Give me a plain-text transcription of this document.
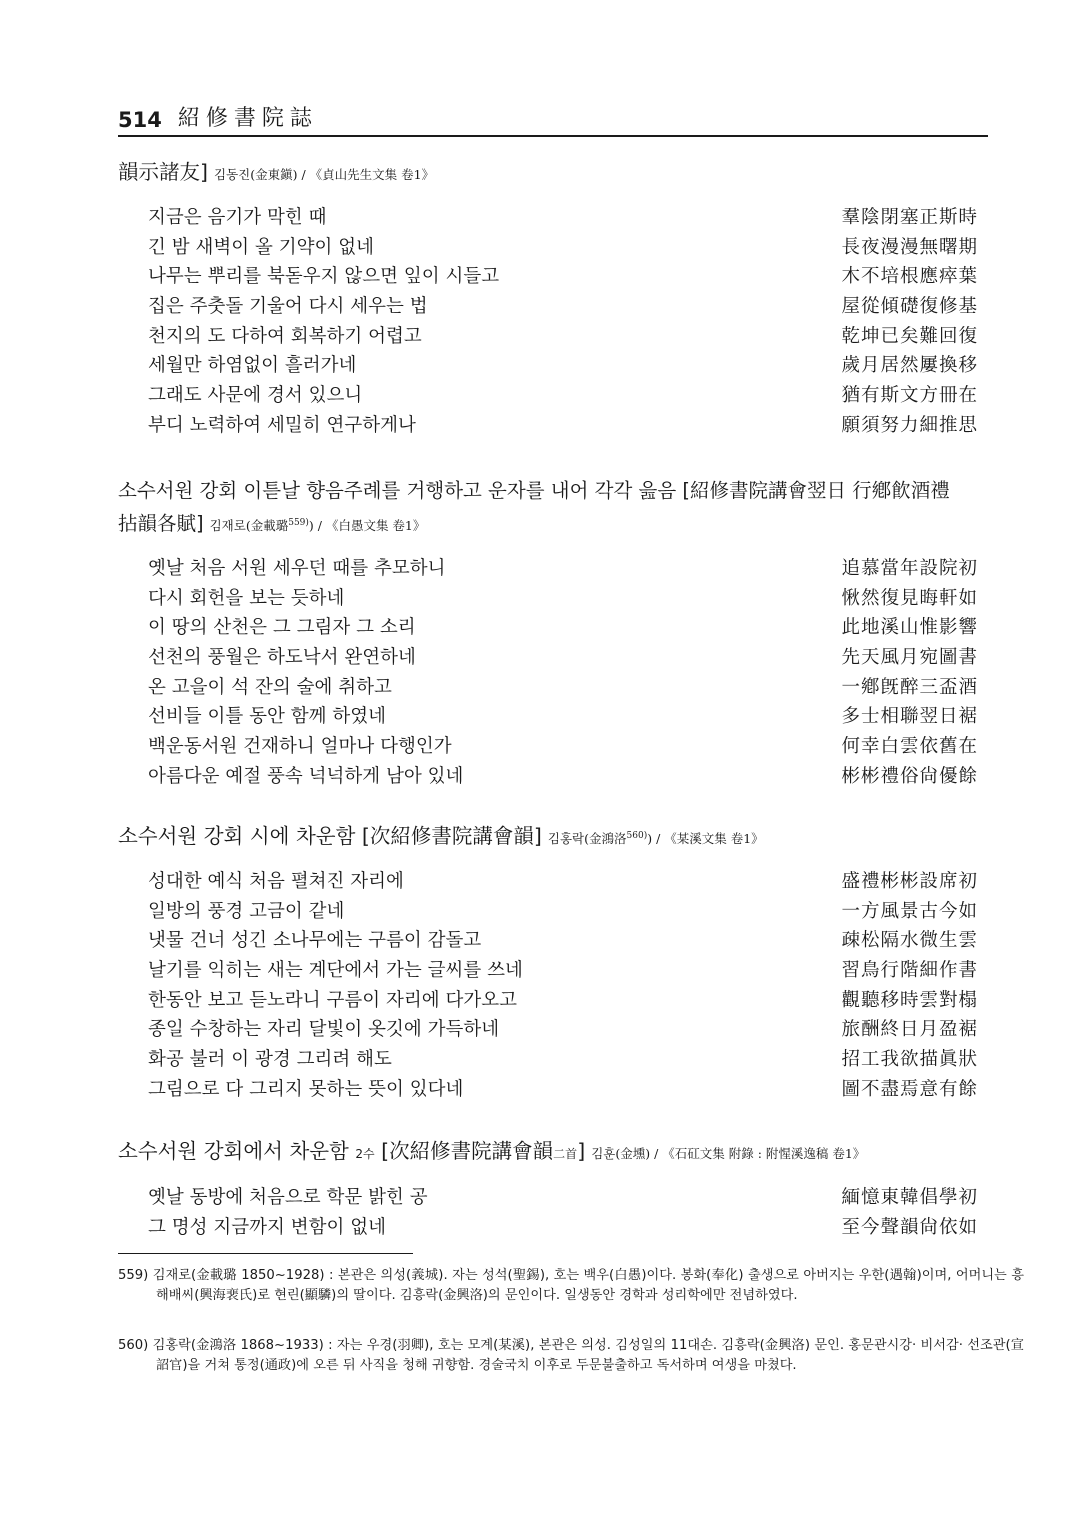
514 紹修書院誌
韻示諸友] 김동진(金東鎭) / 《貞山先生文集 卷1》
지금은 음기가 막힌 때	羣陰閉塞正斯時
긴 밤 새벽이 올 기약이 없네	長夜漫漫無曙期
나무는 뿌리를 북돋우지 않으면 잎이 시들고	木不培根應瘁葉
집은 주춧돌 기울어 다시 세우는 법	屋從傾礎復修基
천지의 도 다하여 회복하기 어렵고	乾坤已矣難回復
세월만 하염없이 흘러가네	歲月居然屢換移
그래도 사문에 경서 있으니	猶有斯文方冊在
부디 노력하여 세밀히 연구하게나	願須努力細推思
소수서원 강회 이튿날 향음주례를 거행하고 운자를 내어 각각 읊음 [紹修書院講會翌日 行鄕飮酒禮
拈韻各賦] 김재로(金載璐$^{559)}$) / 《白愚文集 卷1》
옛날 처음 서원 세우던 때를 추모하니	追慕當年設院初
다시 회헌을 보는 듯하네	愀然復見晦軒如
이 땅의 산천은 그 그림자 그 소리	此地溪山惟影響
선천의 풍월은 하도낙서 완연하네	先天風月宛圖書
온 고을이 석 잔의 술에 취하고	一鄕旣醉三盃酒
선비들 이틀 동안 함께 하였네	多士相聯翌日裾
백운동서원 건재하니 얼마나 다행인가	何幸白雲依舊在
아름다운 예절 풍속 넉넉하게 남아 있네	彬彬禮俗尙優餘
소수서원 강회 시에 차운함 [次紹修書院講會韻] 김홍락(金鴻洛$^{560)}$) / 《某溪文集 卷1》
성대한 예식 처음 펼쳐진 자리에	盛禮彬彬設席初
일방의 풍경 고금이 같네	一方風景古今如
냇물 건너 성긴 소나무에는 구름이 감돌고	疎松隔水微生雲
날기를 익히는 새는 계단에서 가는 글씨를 쓰네	習鳥行階細作書
한동안 보고 듣노라니 구름이 자리에 다가오고	觀聽移時雲對榻
종일 수창하는 자리 달빛이 옷깃에 가득하네	旅酬終日月盈裾
화공 불러 이 광경 그리려 해도	招工我欲描眞狀
그림으로 다 그리지 못하는 뜻이 있다네	圖不盡焉意有餘
소수서원 강회에서 차운함 2수 [次紹修書院講會韻二首] 김훈(金壎) / 《石矼文集 附錄 : 附惺溪逸稿 卷1》
옛날 동방에 처음으로 학문 밝힌 공	緬憶東韓倡學初
그 명성 지금까지 변함이 없네	至今聲韻尙依如
559) 김재로(金載璐 1850~1928) : 본관은 의성(義城). 자는 성석(聖錫), 호는 백우(白愚)이다. 봉화(奉化) 출생으로 아버지는 우한(遇翰)이며, 어머니는 흥해배씨(興海裵氏)로 현린(顯驎)의 딸이다. 김흥락(金興洛)의 문인이다. 일생동안 경학과 성리학에만 전념하였다.
560) 김홍락(金鴻洛 1868~1933) : 자는 우경(羽卿), 호는 모계(某溪), 본관은 의성. 김성일의 11대손. 김흥락(金興洛) 문인. 홍문관시강· 비서감· 선조관(宣詔官)을 거쳐 통정(通政)에 오른 뒤 사직을 청해 귀향함. 경술국치 이후로 두문불출하고 독서하며 여생을 마쳤다.
